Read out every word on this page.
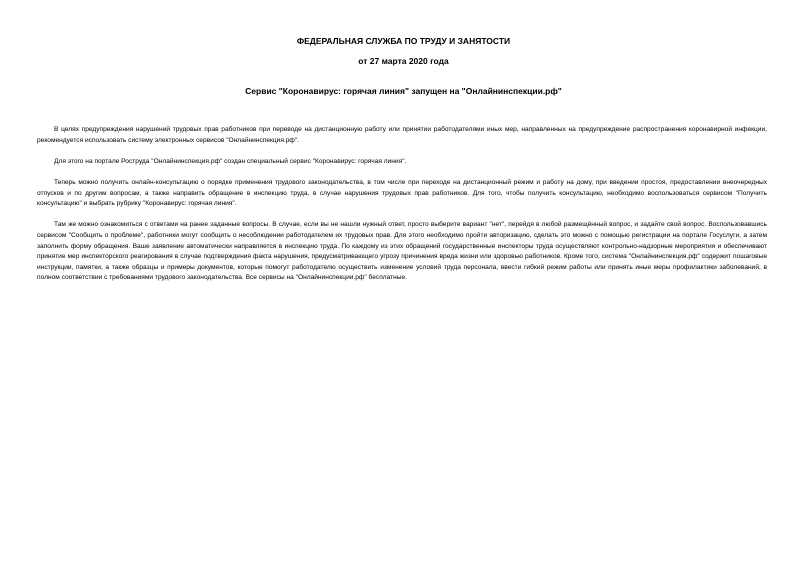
ФЕДЕРАЛЬНАЯ СЛУЖБА ПО ТРУДУ И ЗАНЯТОСТИ
от 27 марта 2020 года
Сервис "Коронавирус: горячая линия" запущен на "Онлайнинспекции.рф"

В целях предупреждения нарушений трудовых прав работников при переводе на дистанционную работу или принятии работодателями иных мер, направленных на предупреждение распространения коронавирной инфекции, рекомендуется использовать систему электронных сервисов "Онлайнинспекция.рф".

Для этого на портале Роструда "Онлайнинспекция.рф" создан специальный сервис "Коронавирус: горячая линия".

Теперь можно получить онлайн-консультацию о порядке применения трудового законодательства, в том числе при переходе на дистанционный режим и работу на дому, при введении простоя, предоставлении внеочередных отпусков и по другим вопросам, а также направить обращение в инспекцию труда, в случае нарушения трудовых прав работников. Для того, чтобы получить консультацию, необходимо воспользоваться сервисом "Получить консультацию" и выбрать рубрику "Коронавирус: горячая линия".

Там же можно ознакомиться с ответами на ранее заданные вопросы. В случае, если вы не нашли нужный ответ, просто выберите вариант "нет", перейдя в любой размещённый вопрос, и задайте свой вопрос. Воспользовавшись сервисом "Сообщить о проблеме", работники могут сообщить о несоблюдении работодателем их трудовых прав. Для этого необходимо пройти авторизацию, сделать это можно с помощью регистрации на портале Госуслуги, а затем заполнить форму обращения. Ваше заявление автоматически направляется в инспекцию труда. По каждому из этих обращений государственные инспекторы труда осуществляют контрольно-надзорные мероприятия и обеспечивают принятие мер инспекторского реагирования в случае подтверждения факта нарушения, предусматривающего угрозу причинения вреда жизни или здоровью работников. Кроме того, система "Онлайнинспекция.рф" содержит пошаговые инструкции, памятки, а также образцы и примеры документов, которые помогут работодателю осуществить изменение условий труда персонала, ввести гибкий режим работы или принять иные меры профилактики заболеваний, в полном соответствии с требованиями трудового законодательства. Все сервисы на "Онлайнинспекции.рф" бесплатные.
